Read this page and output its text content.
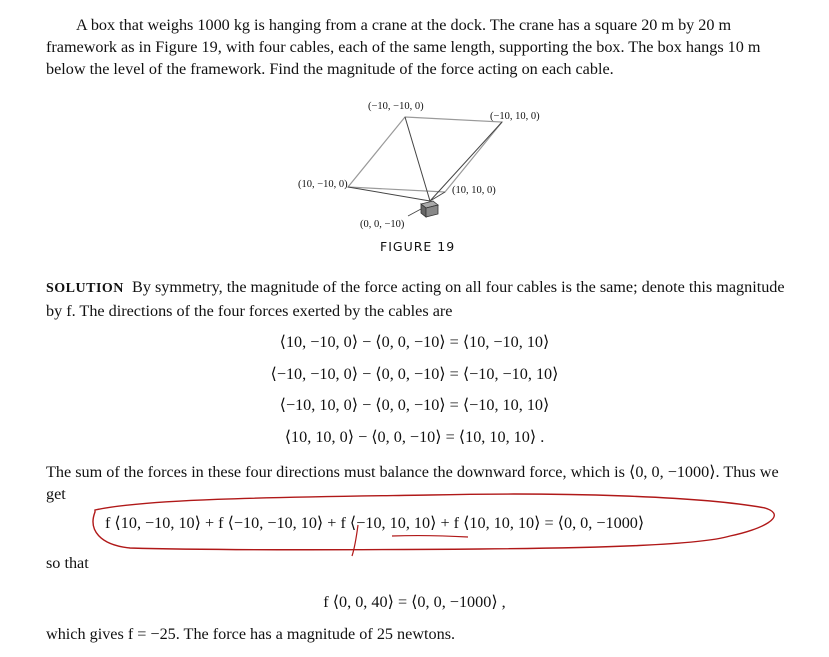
A box that weighs 1000 kg is hanging from a crane at the dock. The crane has a square 20 m by 20 m framework as in Figure 19, with four cables, each of the same length, supporting the box. The box hangs 10 m below the level of the framework. Find the magnitude of the force acting on each cable.
(−10, −10, 0)
(−10, 10, 0)
(10, −10, 0)
(10, 10, 0)
(0, 0, −10)
FIGURE 19
SOLUTION By symmetry, the magnitude of the force acting on all four cables is the same; denote this magnitude by f. The directions of the four forces exerted by the cables are
⟨10, −10, 0⟩ − ⟨0, 0, −10⟩ = ⟨10, −10, 10⟩
⟨−10, −10, 0⟩ − ⟨0, 0, −10⟩ = ⟨−10, −10, 10⟩
⟨−10, 10, 0⟩ − ⟨0, 0, −10⟩ = ⟨−10, 10, 10⟩
⟨10, 10, 0⟩ − ⟨0, 0, −10⟩ = ⟨10, 10, 10⟩ .
The sum of the forces in these four directions must balance the downward force, which is ⟨0, 0, −1000⟩. Thus we get
f ⟨10, −10, 10⟩ + f ⟨−10, −10, 10⟩ + f ⟨−10, 10, 10⟩ + f ⟨10, 10, 10⟩ = ⟨0, 0, −1000⟩
so that
f ⟨0, 0, 40⟩ = ⟨0, 0, −1000⟩ ,
which gives f = −25. The force has a magnitude of 25 newtons.
